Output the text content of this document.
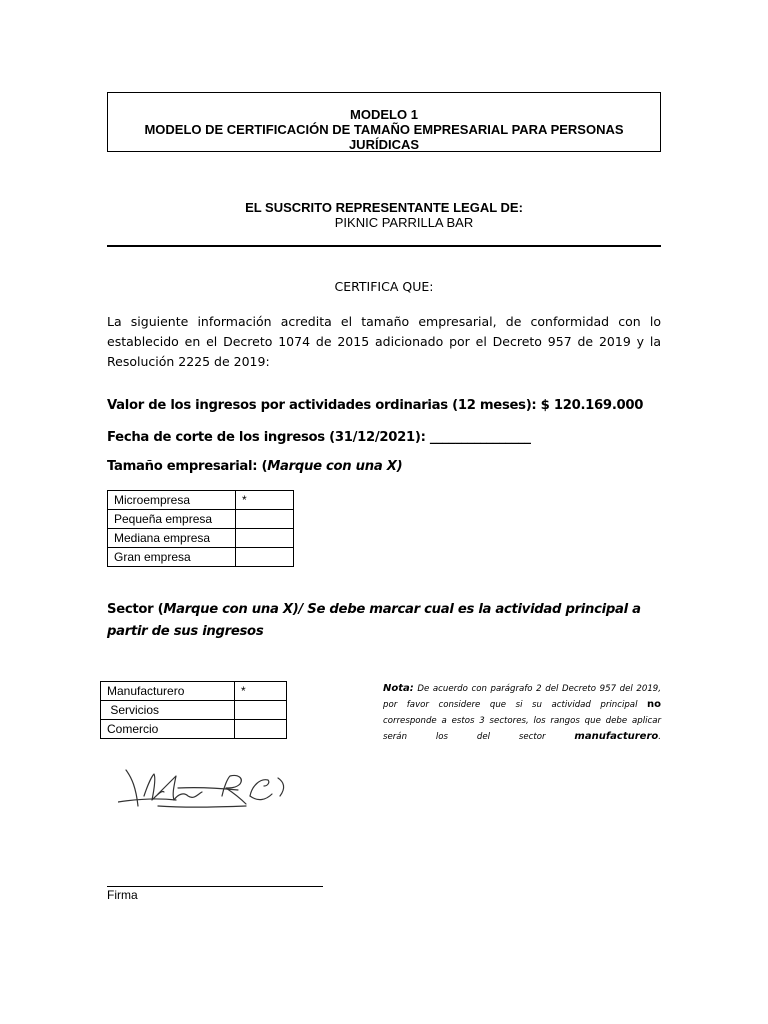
MODELO 1
MODELO DE CERTIFICACIÓN DE TAMAÑO EMPRESARIAL PARA PERSONAS JURÍDICAS
EL SUSCRITO REPRESENTANTE LEGAL DE:
PIKNIC PARRILLA BAR
CERTIFICA QUE:
La siguiente información acredita el tamaño empresarial, de conformidad con lo establecido en el Decreto 1074 de 2015 adicionado por el Decreto 957 de 2019 y la Resolución 2225 de 2019:
Valor de los ingresos por actividades ordinarias (12 meses): $ 120.169.000
Fecha de corte de los ingresos (31/12/2021): ________________
Tamaño empresarial: (Marque con una X)
Microempresa	*
Pequeña empresa	
Mediana empresa	
Gran empresa	
Sector (Marque con una X)/ Se debe marcar cual es la actividad principal a partir de sus ingresos
Manufacturero	*
Servicios	
Comercio	
Nota: De acuerdo con parágrafo 2 del Decreto 957 del 2019, por favor considere que si su actividad principal no corresponde a estos 3 sectores, los rangos que debe aplicar serán los del sector manufacturero.
Firma
